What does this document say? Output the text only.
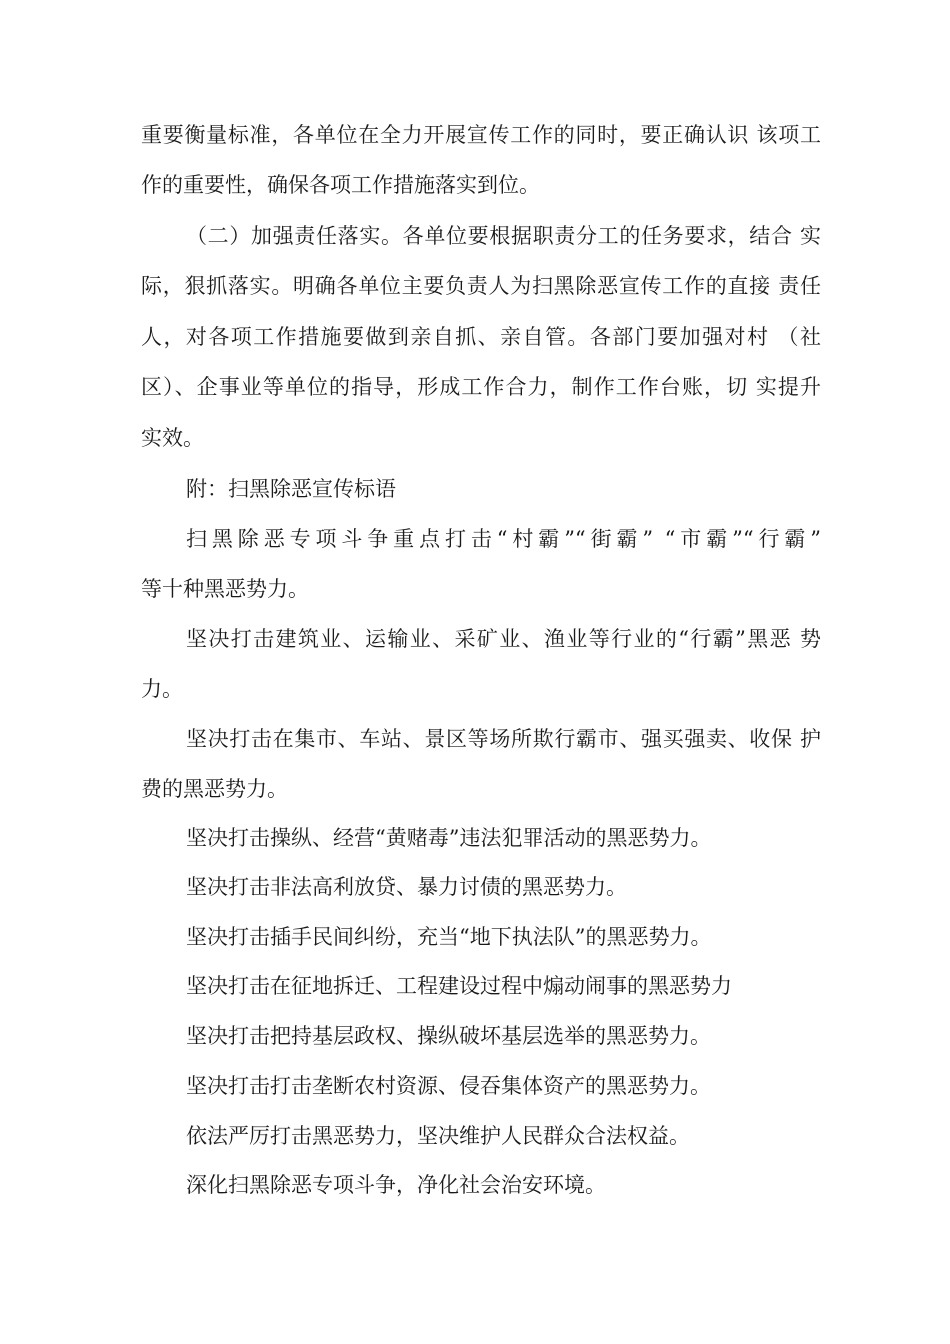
重要衡量标准，各单位在全力开展宣传工作的同时，要正确认识 该项工
作的重要性，确保各项工作措施落实到位。
（二）加强责任落实。各单位要根据职责分工的任务要求，结合 实
际，狠抓落实。明确各单位主要负责人为扫黑除恶宣传工作的直接 责任
人，对各项工作措施要做到亲自抓、亲自管。各部门要加强对村 （社
区）、企事业等单位的指导，形成工作合力，制作工作台账，切 实提升
实效。
附：扫黑除恶宣传标语
扫黑除恶专项斗争重点打击“村霸”“街霸” “市霸”“行霸”
等十种黑恶势力。
坚决打击建筑业、运输业、采矿业、渔业等行业的“行霸”黑恶 势
力。
坚决打击在集市、车站、景区等场所欺行霸市、强买强卖、收保 护
费的黑恶势力。
坚决打击操纵、经营“黄赌毒”违法犯罪活动的黑恶势力。
坚决打击非法高利放贷、暴力讨债的黑恶势力。
坚决打击插手民间纠纷，充当“地下执法队”的黑恶势力。
坚决打击在征地拆迁、工程建设过程中煽动闹事的黑恶势力
坚决打击把持基层政权、操纵破坏基层选举的黑恶势力。
坚决打击打击垄断农村资源、侵吞集体资产的黑恶势力。
依法严厉打击黑恶势力，坚决维护人民群众合法权益。
深化扫黑除恶专项斗争，净化社会治安环境。
